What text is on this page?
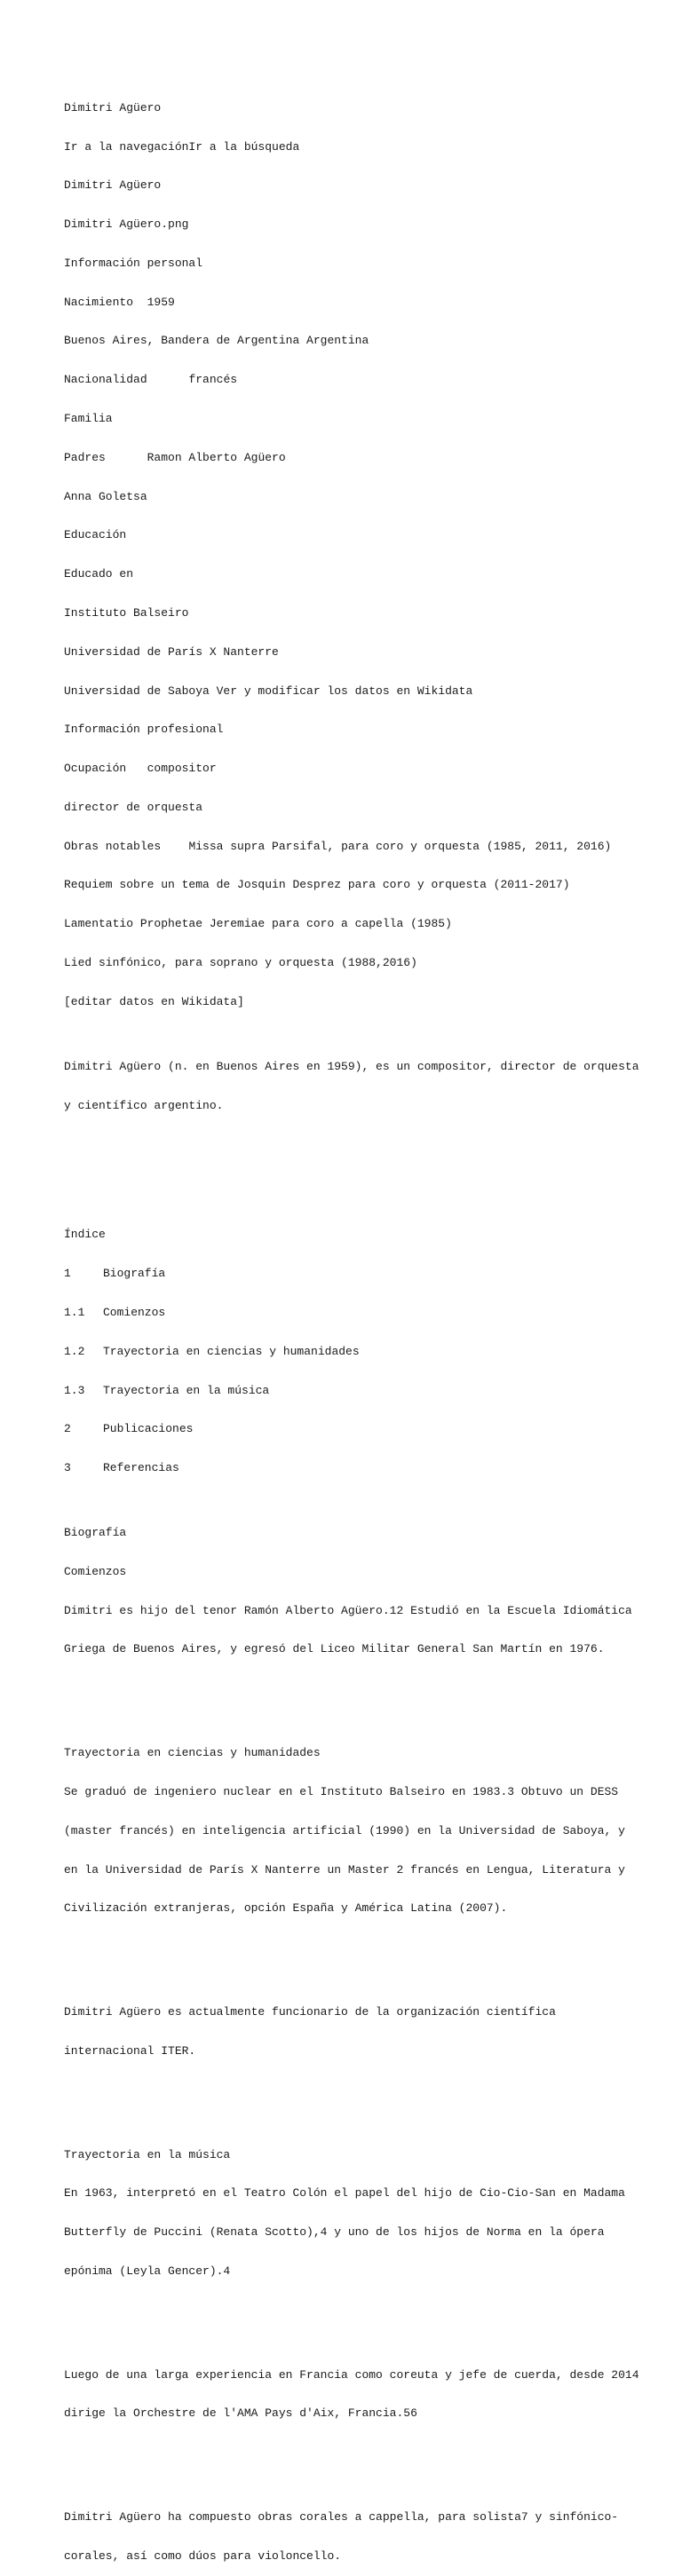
Dimitri Agüero

Ir a la navegaciónIr a la búsqueda

Dimitri Agüero

Dimitri Agüero.png

Información personal

Nacimiento 1959

Buenos Aires, Bandera de Argentina Argentina

Nacionalidad	francés

Familia

Padres	Ramon Alberto Agüero

Anna Goletsa

Educación

Educado en

Instituto Balseiro

Universidad de París X Nanterre

Universidad de Saboya Ver y modificar los datos en Wikidata

Información profesional

Ocupación compositor

director de orquesta

Obras notables Missa supra Parsifal, para coro y orquesta (1985, 2011, 2016)

Requiem sobre un tema de Josquin Desprez para coro y orquesta (2011-2017)

Lamentatio Prophetae Jeremiae para coro a capella (1985)

Lied sinfónico, para soprano y orquesta (1988,2016)

[editar datos en Wikidata]

Dimitri Agüero (n. en Buenos Aires en 1959), es un compositor, director de orquesta

y científico argentino.

Índice

1	Biografía

1.1 Comienzos

1.2 Trayectoria en ciencias y humanidades

1.3 Trayectoria en la música

2	Publicaciones

3	Referencias

Biografía

Comienzos

Dimitri es hijo del tenor Ramón Alberto Agüero.12 Estudió en la Escuela Idiomática

Griega de Buenos Aires, y egresó del Liceo Militar General San Martín en 1976.

Trayectoria en ciencias y humanidades

Se graduó de ingeniero nuclear en el Instituto Balseiro en 1983.3 Obtuvo un DESS

(master francés) en inteligencia artificial (1990) en la Universidad de Saboya, y

en la Universidad de París X Nanterre un Master 2 francés en Lengua, Literatura y

Civilización extranjeras, opción España y América Latina (2007).

Dimitri Agüero es actualmente funcionario de la organización científica

internacional ITER.

Trayectoria en la música

En 1963, interpretó en el Teatro Colón el papel del hijo de Cio-Cio-San en Madama

Butterfly de Puccini (Renata Scotto),4 y uno de los hijos de Norma en la ópera

epónima (Leyla Gencer).4

Luego de una larga experiencia en Francia como coreuta y jefe de cuerda, desde 2014

dirige la Orchestre de l'AMA Pays d'Aix, Francia.56

Dimitri Agüero ha compuesto obras corales a cappella, para solista7 y sinfónico-

corales, así como dúos para violoncello.
